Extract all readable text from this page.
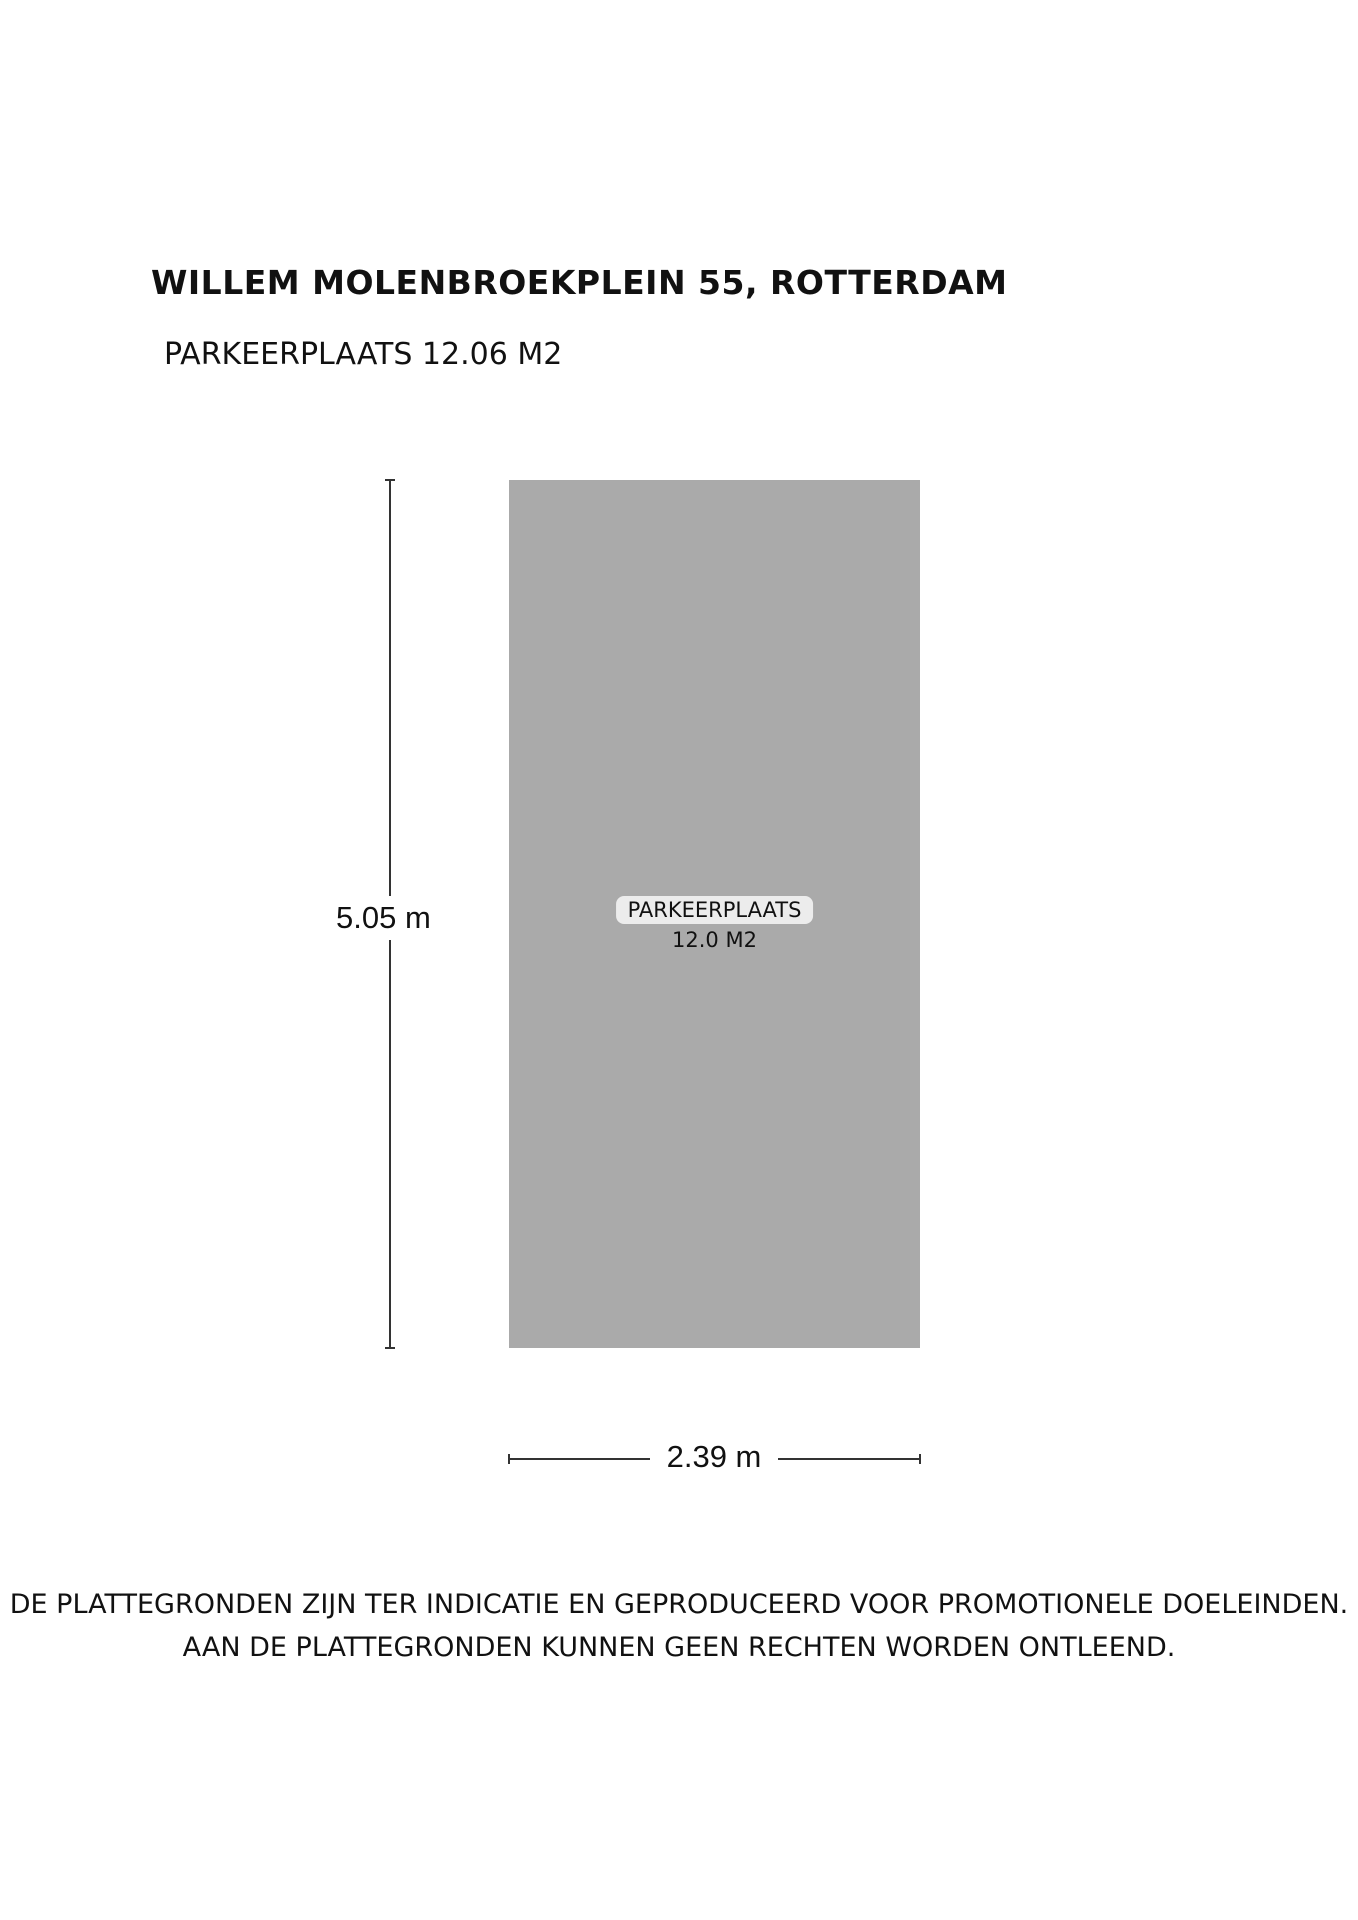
WILLEM MOLENBROEKPLEIN 55, ROTTERDAM
PARKEERPLAATS 12.06 M2
PARKEERPLAATS
12.0 M2
5.05 m
2.39 m
DE PLATTEGRONDEN ZIJN TER INDICATIE EN GEPRODUCEERD VOOR PROMOTIONELE DOELEINDEN.
AAN DE PLATTEGRONDEN KUNNEN GEEN RECHTEN WORDEN ONTLEEND.
